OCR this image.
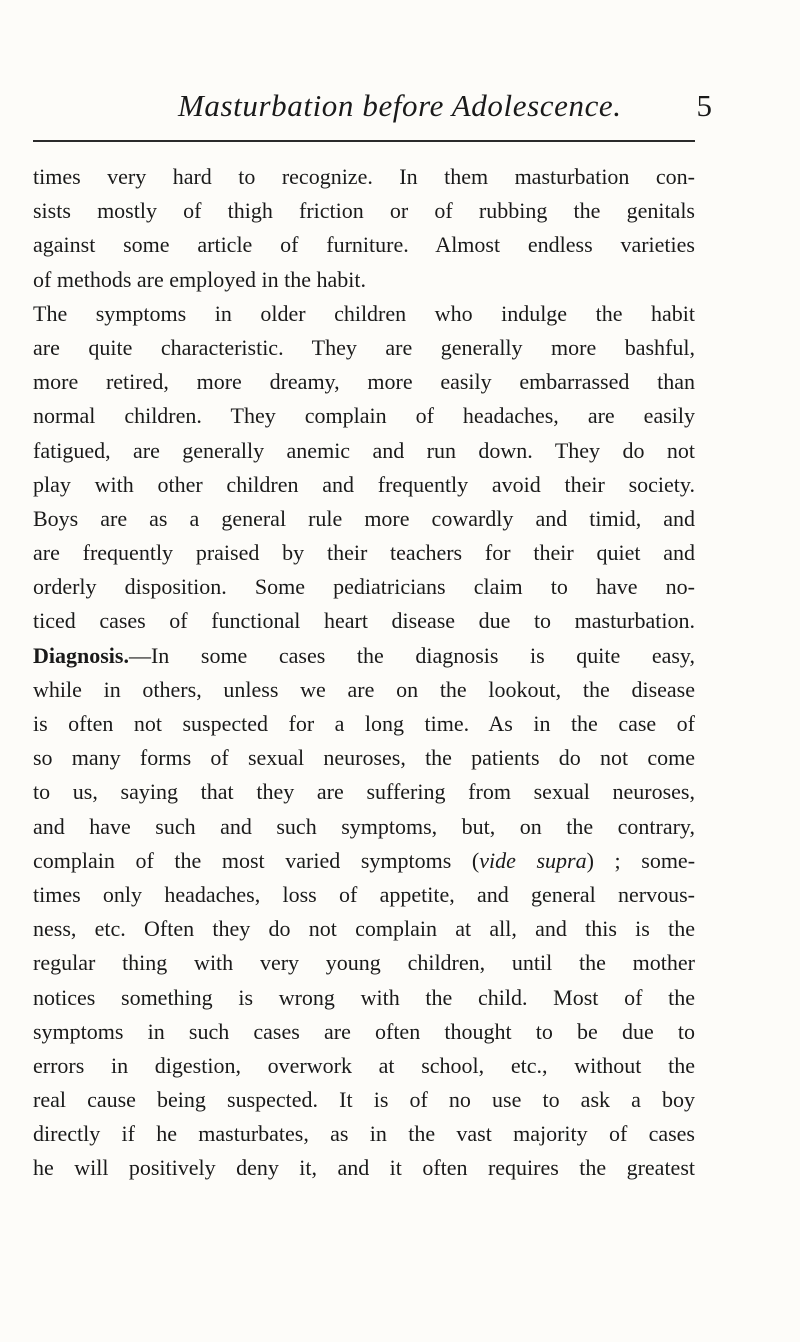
Masturbation before Adolescence. 5
times very hard to recognize. In them masturbation con-
sists mostly of thigh friction or of rubbing the genitals
against some article of furniture. Almost endless varieties
of methods are employed in the habit.
The symptoms in older children who indulge the habit
are quite characteristic. They are generally more bashful,
more retired, more dreamy, more easily embarrassed than
normal children. They complain of headaches, are easily
fatigued, are generally anemic and run down. They do not
play with other children and frequently avoid their society.
Boys are as a general rule more cowardly and timid, and
are frequently praised by their teachers for their quiet and
orderly disposition. Some pediatricians claim to have no-
ticed cases of functional heart disease due to masturbation.
Diagnosis.—In some cases the diagnosis is quite easy,
while in others, unless we are on the lookout, the disease
is often not suspected for a long time. As in the case of
so many forms of sexual neuroses, the patients do not come
to us, saying that they are suffering from sexual neuroses,
and have such and such symptoms, but, on the contrary,
complain of the most varied symptoms (vide supra) ; some-
times only headaches, loss of appetite, and general nervous-
ness, etc. Often they do not complain at all, and this is the
regular thing with very young children, until the mother
notices something is wrong with the child. Most of the
symptoms in such cases are often thought to be due to
errors in digestion, overwork at school, etc., without the
real cause being suspected. It is of no use to ask a boy
directly if he masturbates, as in the vast majority of cases
he will positively deny it, and it often requires the greatest
